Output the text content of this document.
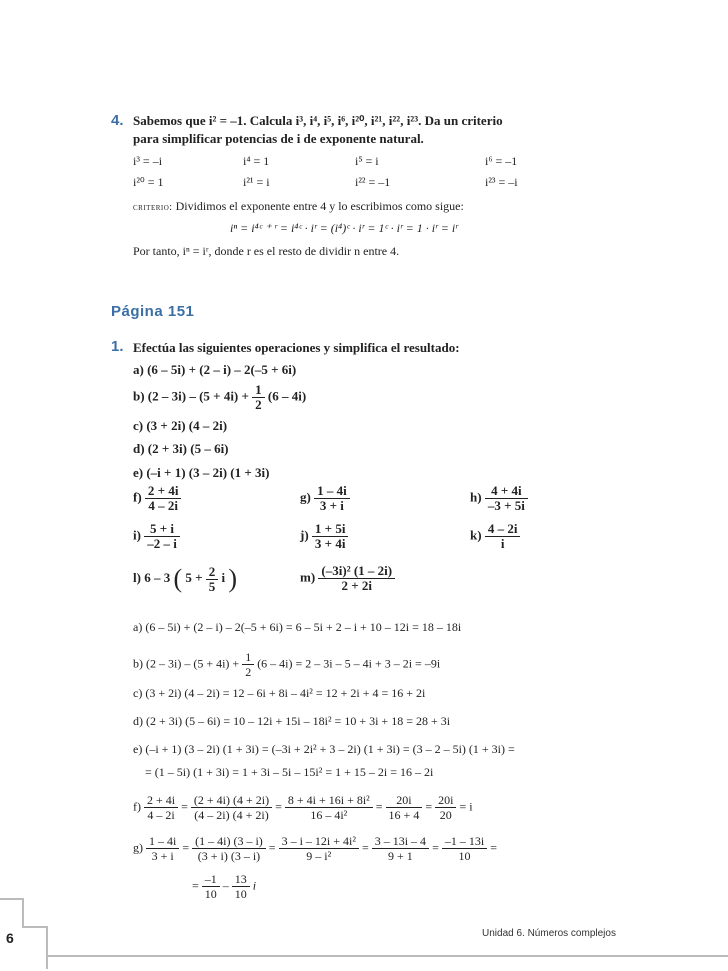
4. Sabemos que i² = –1. Calcula i³, i⁴, i⁵, i⁶, i²⁰, i²¹, i²², i²³. Da un criterio
para simplificar potencias de i de exponente natural.
i³ = –i	i⁴ = 1	i⁵ = i	i⁶ = –1
i²⁰ = 1	i²¹ = i	i²² = –1	i²³ = –i
criterio: Dividimos el exponente entre 4 y lo escribimos como sigue:
iⁿ = i⁴ᶜ ⁺ ʳ = i⁴ᶜ · iʳ = (i⁴)ᶜ · iʳ = 1ᶜ · iʳ = 1 · iʳ = iʳ
Por tanto, iⁿ = iʳ, donde r es el resto de dividir n entre 4.
Página 151
1. Efectúa las siguientes operaciones y simplifica el resultado:
a) (6 – 5i) + (2 – i) – 2(–5 + 6i)
b) $(2 - 3i) - (5 + 4i) + \frac{1}{2} (6 - 4i)$
c) (3 + 2i) (4 – 2i)
d) (2 + 3i) (5 – 6i)
e) (–i + 1) (3 – 2i) (1 + 3i)
$f) \frac{2 + 4i}{4 - 2i}$	$g) \frac{1 - 4i}{3 + i}$	$h) \frac{4 + 4i}{-3 + 5i}$
$i) \frac{5 + i}{-2 - i}$	$j) \frac{1 + 5i}{3 + 4i}$	$k) \frac{4 - 2i}{i}$
l) 6 – 3 ( $5 + \frac{2}{5}$ i )	$m) \frac{\text{(–3i)² (1 – 2i)}}{2 + 2i}$
a) (6 – 5i) + (2 – i) – 2(–5 + 6i) = 6 – 5i + 2 – i + 10 – 12i = 18 – 18i
b) $(2 - 3i) - (5 + 4i) + \frac{1}{2} (6 - 4i) = 2 - 3i - 5 - 4i + 3 - 2i = -9i$
c) (3 + 2i) (4 – 2i) = 12 – 6i + 8i – 4i² = 12 + 2i + 4 = 16 + 2i
d) (2 + 3i) (5 – 6i) = 10 – 12i + 15i – 18i² = 10 + 3i + 18 = 28 + 3i
e) (–i + 1) (3 – 2i) (1 + 3i) = (–3i + 2i² + 3 – 2i) (1 + 3i) = (3 – 2 – 5i) (1 + 3i) =
= (1 – 5i) (1 + 3i) = 1 + 3i – 5i – 15i² = 1 + 15 – 2i = 16 – 2i
$f) \frac{2 + 4i}{4 - 2i} = \frac{(2 + 4i) (4 + 2i)}{(4 - 2i) (4 + 2i)} = \frac{\text{8 + 4i + 16i + 8i²}}{\text{16 – 4i²}} = \frac{20i}{16 + 4} = \frac{20i}{20} = i$
$g) \frac{1 - 4i}{3 + i} = \frac{(1 - 4i) (3 - i)}{(3 + i) (3 - i)} = \frac{\text{3 – i – 12i + 4i²}}{\text{9 – i²}} = \frac{3 - 13i - 4}{9 + 1} = \frac{-1 - 13i}{10}$ =
= $\frac{-1}{10} - \frac{13}{10}$ i
Unidad 6. Números complejos
6
